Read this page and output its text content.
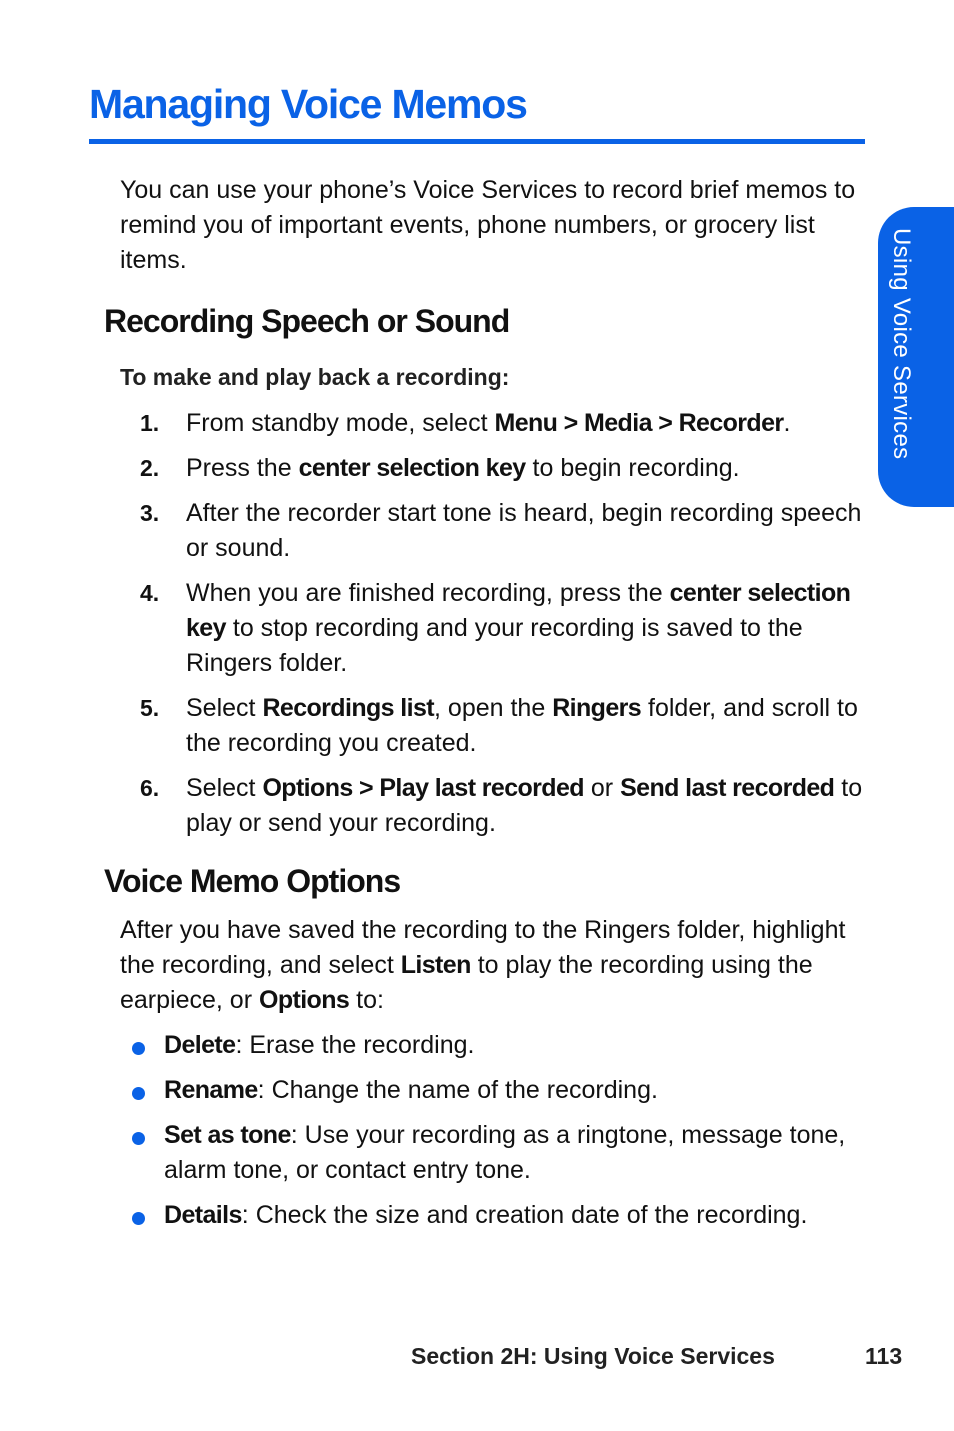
Managing Voice Memos

You can use your phone’s Voice Services to record brief memos to remind you of important events, phone numbers, or grocery list items.

Recording Speech or Sound

To make and play back a recording:

1. From standby mode, select Menu > Media > Recorder.
2. Press the center selection key to begin recording.
3. After the recorder start tone is heard, begin recording speech or sound.
4. When you are finished recording, press the center selection key to stop recording and your recording is saved to the Ringers folder.
5. Select Recordings list, open the Ringers folder, and scroll to the recording you created.
6. Select Options > Play last recorded or Send last recorded to play or send your recording.
Voice Memo Options

After you have saved the recording to the Ringers folder, highlight the recording, and select Listen to play the recording using the earpiece, or Options to:

Delete: Erase the recording.
Rename: Change the name of the recording.
Set as tone: Use your recording as a ringtone, message tone, alarm tone, or contact entry tone.
Details: Check the size and creation date of the recording.
Using Voice Services
Section 2H: Using Voice Services	113
